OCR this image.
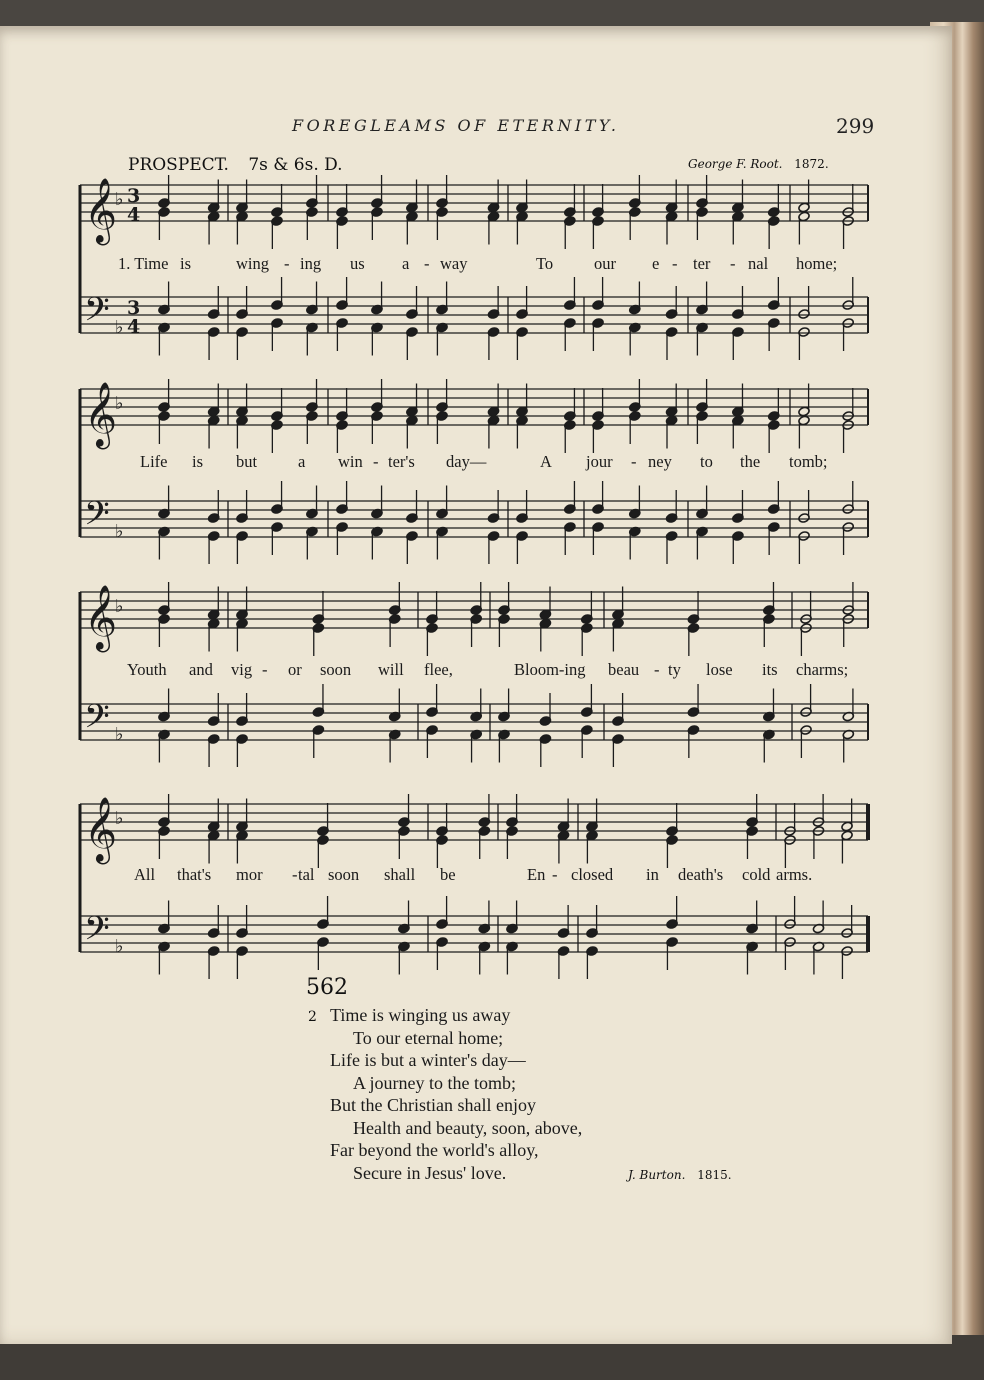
FOREGLEAMS OF ETERNITY.	299
PROSPECT. 7s & 6s. D.	George F. Root. 1872.
𝄞
𝄢
♭
♭
3
4
3
4
𝄞
𝄢
♭
♭
𝄞
𝄢
♭
♭
𝄞
𝄢
♭
♭
1. Time is	wing - ing us a - way	To our e - ter - nal home;
Life is but a win - ter's day—	A jour - ney to the tomb;
Youth and vig - or soon will flee,	Bloom-ing beau - ty lose its charms;
All that's mor - tal soon shall be	En - closed in death's cold arms.
562
2 Time is winging us away
To our eternal home;
Life is but a winter's day—
A journey to the tomb;
But the Christian shall enjoy
Health and beauty, soon, above,
Far beyond the world's alloy,
Secure in Jesus' love.	J. Burton. 1815.
